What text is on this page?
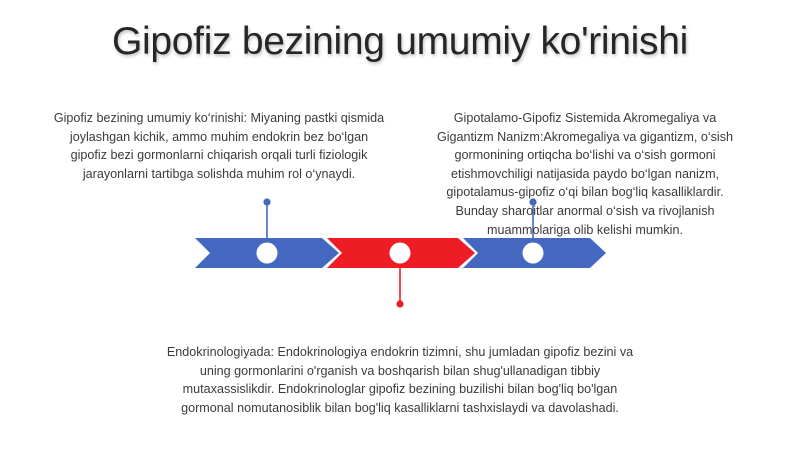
Gipofiz bezining umumiy ko'rinishi
Gipofiz bezining umumiy ko‘rinishi: Miyaning pastki qismida joylashgan kichik, ammo muhim endokrin bez bo‘lgan gipofiz bezi gormonlarni chiqarish orqali turli fiziologik jarayonlarni tartibga solishda muhim rol o‘ynaydi.
Gipotalamo-Gipofiz Sistemida Akromegaliya va Gigantizm Nanizm:Akromegaliya va gigantizm, o‘sish gormonining ortiqcha bo‘lishi va o‘sish gormoni etishmovchiligi natijasida paydo bo‘lgan nanizm, gipotalamus-gipofiz o‘qi bilan bog‘liq kasalliklardir. Bunday sharoitlar anormal o‘sish va rivojlanish muammolariga olib kelishi mumkin.
Endokrinologiyada: Endokrinologiya endokrin tizimni, shu jumladan gipofiz bezini va uning gormonlarini o'rganish va boshqarish bilan shug'ullanadigan tibbiy mutaxassislikdir. Endokrinologlar gipofiz bezining buzilishi bilan bog'liq bo'lgan gormonal nomutanosiblik bilan bog'liq kasalliklarni tashxislaydi va davolashadi.
